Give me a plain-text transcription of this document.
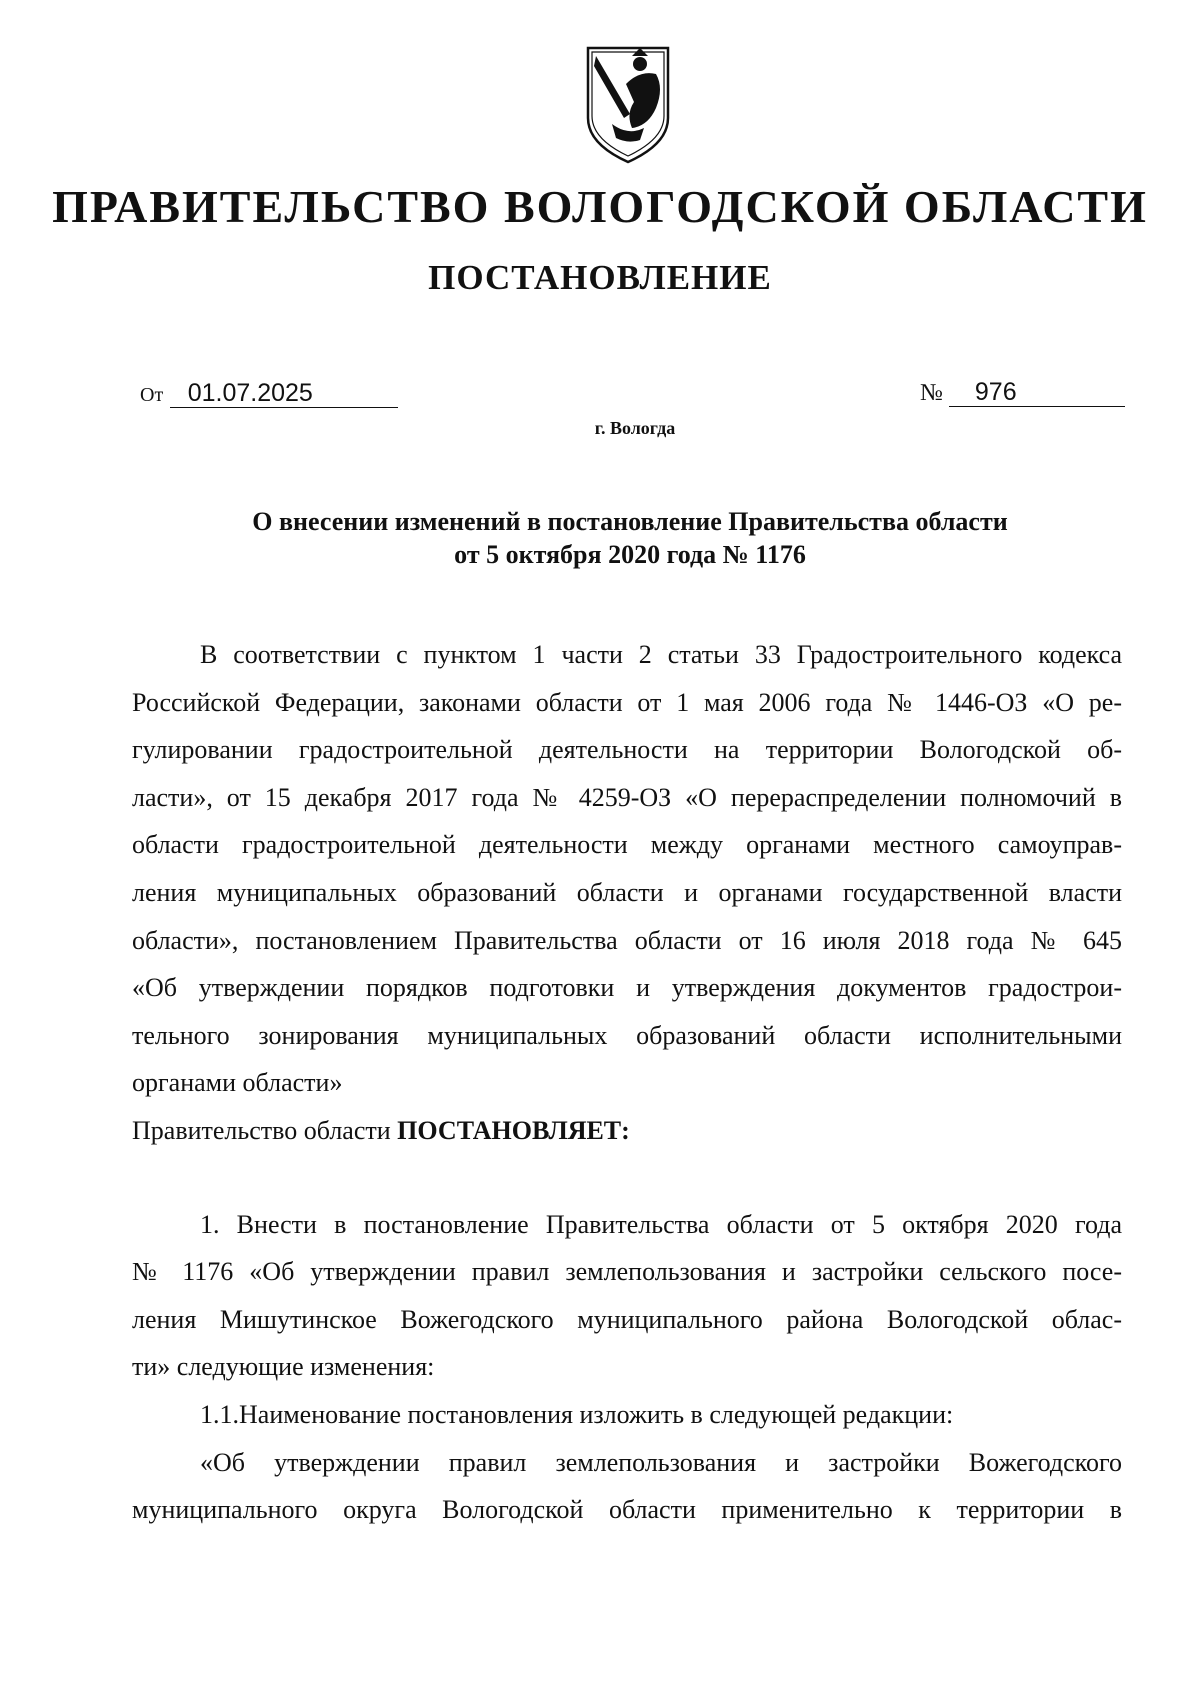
ПРАВИТЕЛЬСТВО ВОЛОГОДСКОЙ ОБЛАСТИ
ПОСТАНОВЛЕНИЕ
От 01.07.2025	№ 976
г. Вологда
О внесении изменений в постановление Правительства области
от 5 октября 2020 года № 1176

В соответствии с пунктом 1 части 2 статьи 33 Градостроительного кодекса
Российской Федерации, законами области от 1 мая 2006 года № 1446-ОЗ «О ре-
гулировании градостроительной деятельности на территории Вологодской об-
ласти», от 15 декабря 2017 года № 4259-ОЗ «О перераспределении полномочий в
области градостроительной деятельности между органами местного самоуправ-
ления муниципальных образований области и органами государственной власти
области», постановлением Правительства области от 16 июля 2018 года № 645
«Об утверждении порядков подготовки и утверждения документов градострои-
тельного зонирования муниципальных образований области исполнительными
органами области»

Правительство области ПОСТАНОВЛЯЕТ:

1. Внести в постановление Правительства области от 5 октября 2020 года
№ 1176 «Об утверждении правил землепользования и застройки сельского посе-
ления Мишутинское Вожегодского муниципального района Вологодской облас-
ти» следующие изменения:

1.1.Наименование постановления изложить в следующей редакции:

«Об утверждении правил землепользования и застройки Вожегодского
муниципального округа Вологодской области применительно к территории в
